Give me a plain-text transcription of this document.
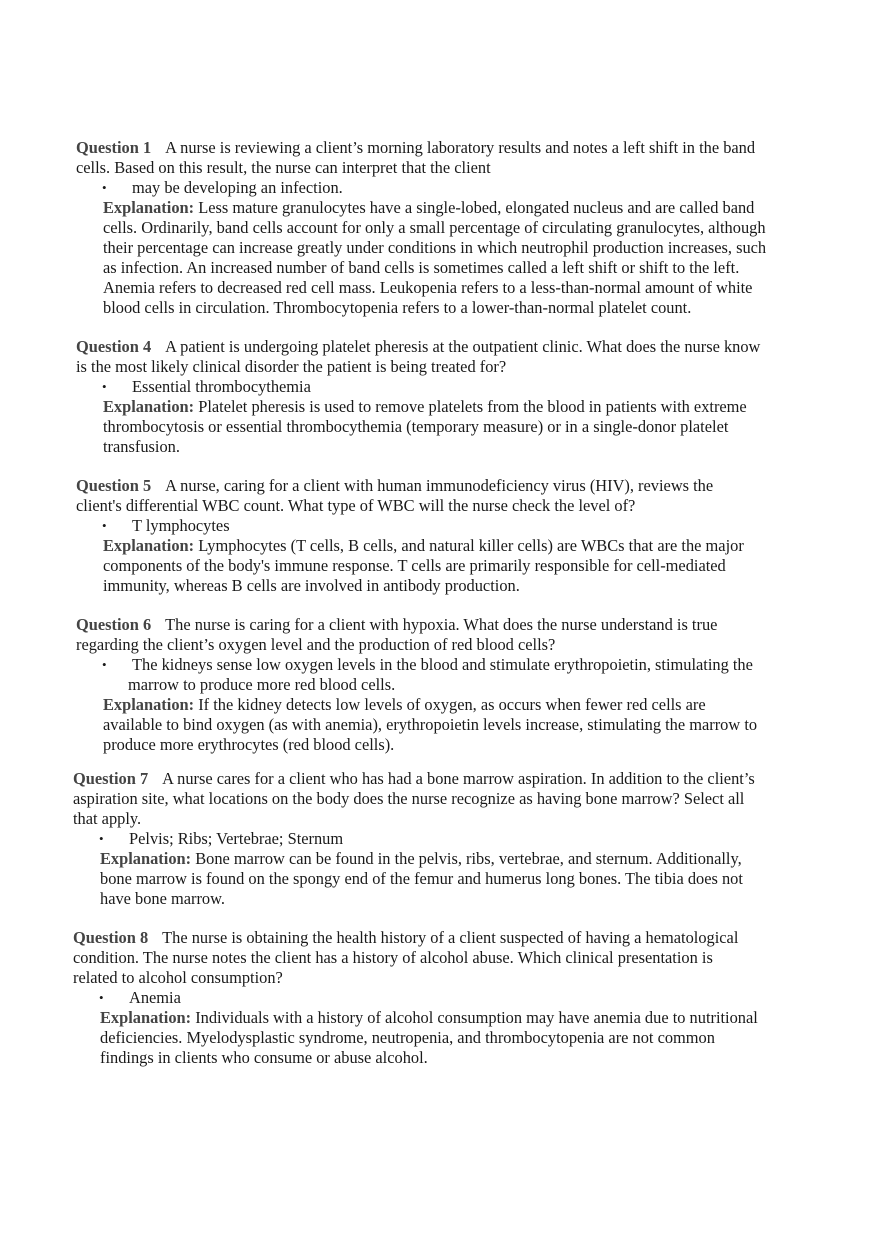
Question 1 A nurse is reviewing a client’s morning laboratory results and notes a left shift in the band
cells. Based on this result, the nurse can interpret that the client
• may be developing an infection.
Explanation: Less mature granulocytes have a single-lobed, elongated nucleus and are called band
cells. Ordinarily, band cells account for only a small percentage of circulating granulocytes, although
their percentage can increase greatly under conditions in which neutrophil production increases, such
as infection. An increased number of band cells is sometimes called a left shift or shift to the left.
Anemia refers to decreased red cell mass. Leukopenia refers to a less-than-normal amount of white
blood cells in circulation. Thrombocytopenia refers to a lower-than-normal platelet count.
Question 4 A patient is undergoing platelet pheresis at the outpatient clinic. What does the nurse know
is the most likely clinical disorder the patient is being treated for?
• Essential thrombocythemia
Explanation: Platelet pheresis is used to remove platelets from the blood in patients with extreme
thrombocytosis or essential thrombocythemia (temporary measure) or in a single-donor platelet
transfusion.
Question 5 A nurse, caring for a client with human immunodeficiency virus (HIV), reviews the
client's differential WBC count. What type of WBC will the nurse check the level of?
• T lymphocytes
Explanation: Lymphocytes (T cells, B cells, and natural killer cells) are WBCs that are the major
components of the body's immune response. T cells are primarily responsible for cell-mediated
immunity, whereas B cells are involved in antibody production.
Question 6 The nurse is caring for a client with hypoxia. What does the nurse understand is true
regarding the client’s oxygen level and the production of red blood cells?
• The kidneys sense low oxygen levels in the blood and stimulate erythropoietin, stimulating the
marrow to produce more red blood cells.
Explanation: If the kidney detects low levels of oxygen, as occurs when fewer red cells are
available to bind oxygen (as with anemia), erythropoietin levels increase, stimulating the marrow to
produce more erythrocytes (red blood cells).
Question 7 A nurse cares for a client who has had a bone marrow aspiration. In addition to the client’s
aspiration site, what locations on the body does the nurse recognize as having bone marrow? Select all
that apply.
• Pelvis; Ribs; Vertebrae; Sternum
Explanation: Bone marrow can be found in the pelvis, ribs, vertebrae, and sternum. Additionally,
bone marrow is found on the spongy end of the femur and humerus long bones. The tibia does not
have bone marrow.
Question 8 The nurse is obtaining the health history of a client suspected of having a hematological
condition. The nurse notes the client has a history of alcohol abuse. Which clinical presentation is
related to alcohol consumption?
• Anemia
Explanation: Individuals with a history of alcohol consumption may have anemia due to nutritional
deficiencies. Myelodysplastic syndrome, neutropenia, and thrombocytopenia are not common
findings in clients who consume or abuse alcohol.
